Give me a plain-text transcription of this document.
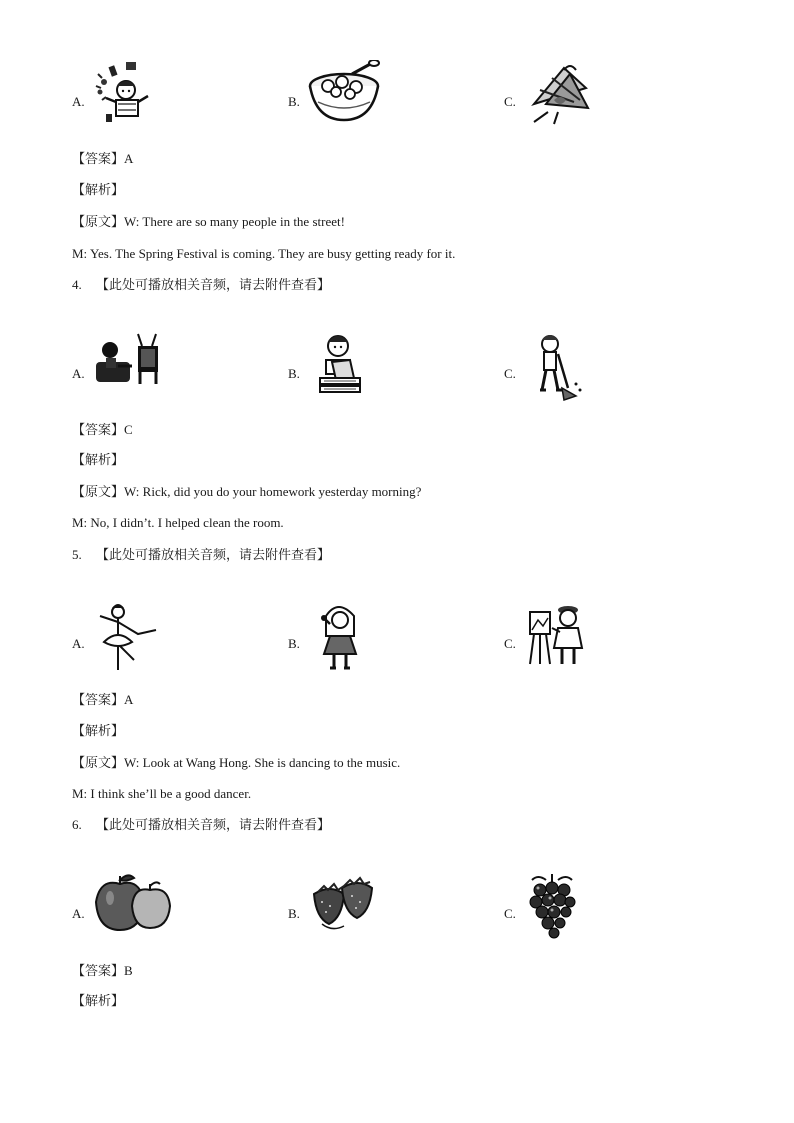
A.	B.	C.
【答案】A
【解析】
【原文】W: There are so many people in the street!
M: Yes. The Spring Festival is coming. They are busy getting ready for it.
4. 【此处可播放相关音频，请去附件查看】
A.	B.	C.
【答案】C
【解析】
【原文】W: Rick, did you do your homework yesterday morning?
M: No, I didn’t. I helped clean the room.
5. 【此处可播放相关音频，请去附件查看】
A.	B.	C.
【答案】A
【解析】
【原文】W: Look at Wang Hong. She is dancing to the music.
M: I think she’ll be a good dancer.
6. 【此处可播放相关音频，请去附件查看】
A.	B.	C.
【答案】B
【解析】
